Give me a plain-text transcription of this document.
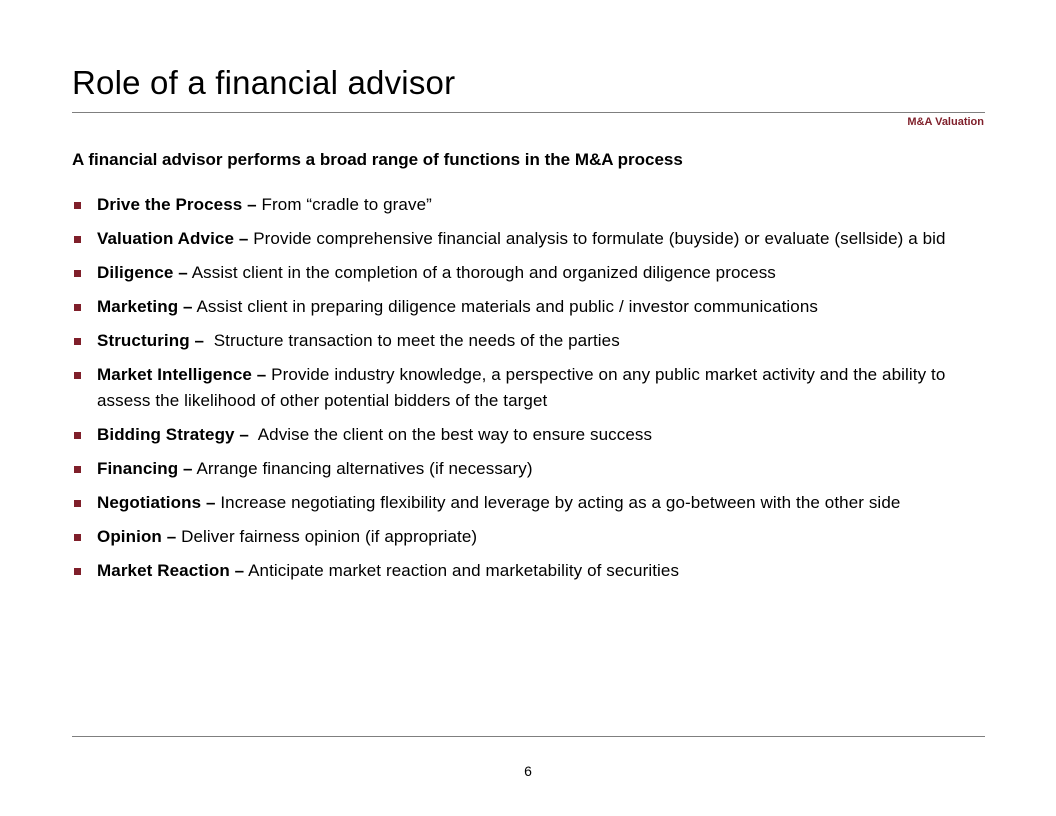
Role of a financial advisor
M&A Valuation

A financial advisor performs a broad range of functions in the M&A process

Drive the Process – From “cradle to grave”
Valuation Advice – Provide comprehensive financial analysis to formulate (buyside) or evaluate (sellside) a bid
Diligence – Assist client in the completion of a thorough and organized diligence process
Marketing – Assist client in preparing diligence materials and public / investor communications
Structuring –  Structure transaction to meet the needs of the parties
Market Intelligence – Provide industry knowledge, a perspective on any public market activity and the ability to assess the likelihood of other potential bidders of the target
Bidding Strategy –  Advise the client on the best way to ensure success
Financing – Arrange financing alternatives (if necessary)
Negotiations – Increase negotiating flexibility and leverage by acting as a go-between with the other side
Opinion – Deliver fairness opinion (if appropriate)
Market Reaction – Anticipate market reaction and marketability of securities
6
